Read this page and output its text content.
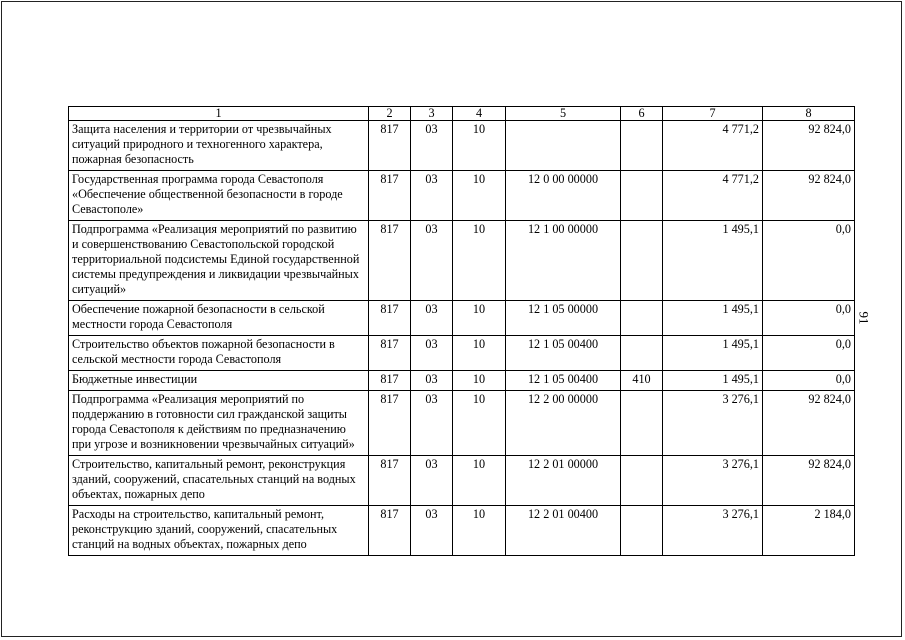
1	2	3	4	5	6	7	8
Защита населения и территории от чрезвычайных ситуаций природного и техногенного характера, пожарная безопасность	817	03	10			4 771,2	92 824,0
Государственная программа города Севастополя «Обеспечение общественной безопасности в городе Севастополе»	817	03	10	12 0 00 00000		4 771,2	92 824,0
Подпрограмма «Реализация мероприятий по развитию и совершенствованию Севастопольской городской территориальной подсистемы Единой государственной системы предупреждения и ликвидации чрезвычайных ситуаций»	817	03	10	12 1 00 00000		1 495,1	0,0
Обеспечение пожарной безопасности в сельской местности города Севастополя	817	03	10	12 1 05 00000		1 495,1	0,0
Строительство объектов пожарной безопасности в сельской местности города Севастополя	817	03	10	12 1 05 00400		1 495,1	0,0
Бюджетные инвестиции	817	03	10	12 1 05 00400	410	1 495,1	0,0
Подпрограмма «Реализация мероприятий по поддержанию в готовности сил гражданской защиты города Севастополя к действиям по предназначению при угрозе и возникновении чрезвычайных ситуаций»	817	03	10	12 2 00 00000		3 276,1	92 824,0
Строительство, капитальный ремонт, реконструкция зданий, сооружений, спасательных станций на водных объектах, пожарных депо	817	03	10	12 2 01 00000		3 276,1	92 824,0
Расходы на строительство, капитальный ремонт, реконструкцию зданий, сооружений, спасательных станций на водных объектах, пожарных депо	817	03	10	12 2 01 00400		3 276,1	2 184,0
91
